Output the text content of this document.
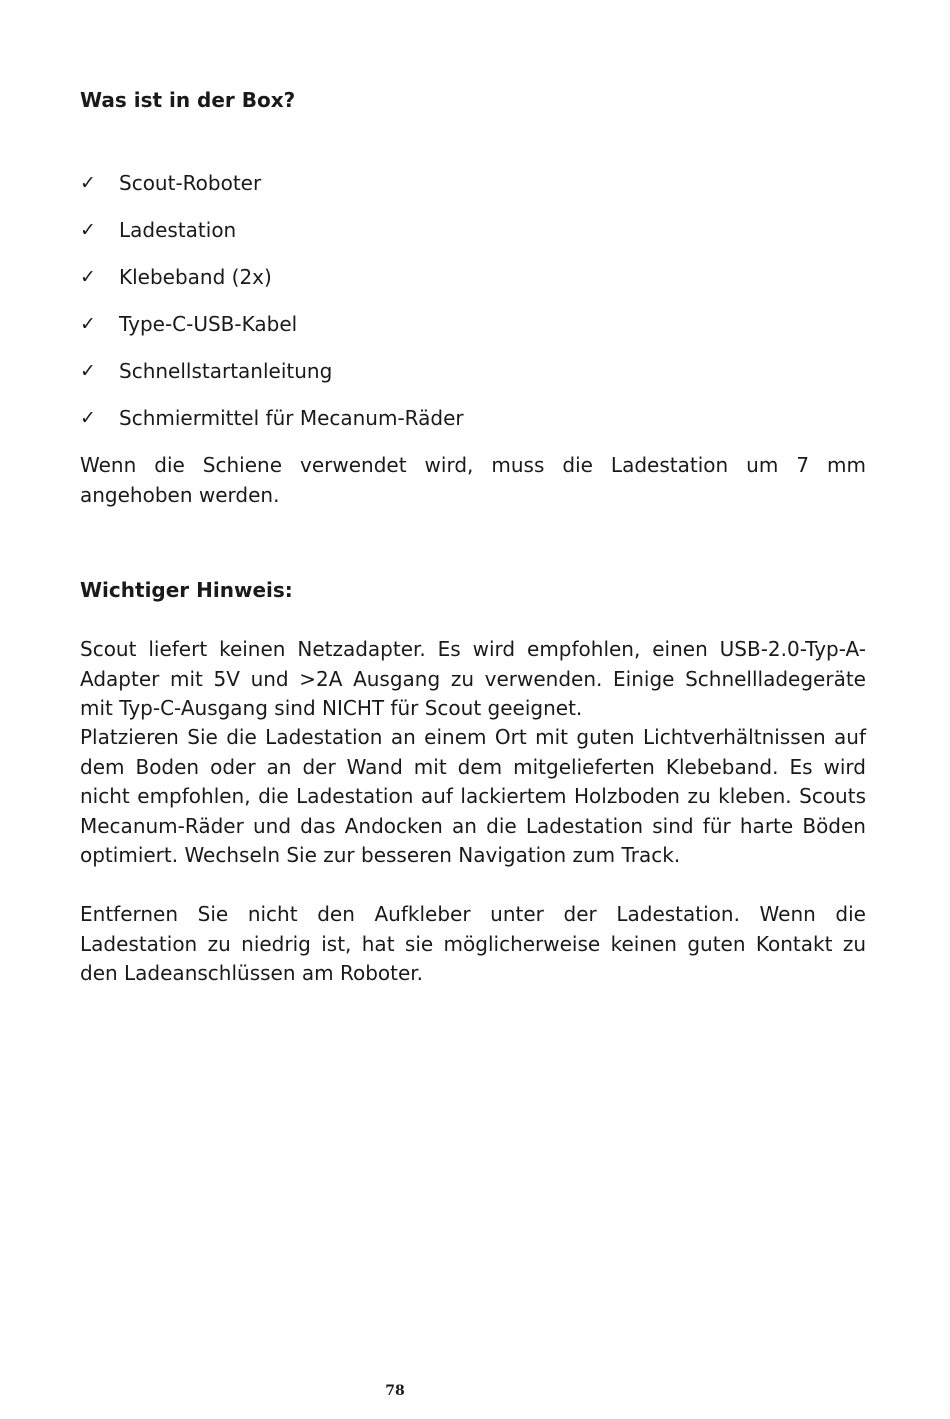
Was ist in der Box?
✓	Scout-Roboter
✓	Ladestation
✓	Klebeband (2x)
✓	Type-C-USB-Kabel
✓	Schnellstartanleitung
✓	Schmiermittel für Mecanum-Räder

Wenn die Schiene verwendet wird, muss die Ladestation um 7 mm angehoben werden.

Wichtiger Hinweis:

Scout liefert keinen Netzadapter. Es wird empfohlen, einen USB-2.0-Typ-A-Adapter mit 5V und >2A Ausgang zu verwenden. Einige Schnellladegeräte mit Typ-C-Ausgang sind NICHT für Scout geeignet.

Platzieren Sie die Ladestation an einem Ort mit guten Lichtverhältnissen auf dem Boden oder an der Wand mit dem mitgelieferten Klebeband. Es wird nicht empfohlen, die Ladestation auf lackiertem Holzboden zu kleben. Scouts Mecanum-Räder und das Andocken an die Ladestation sind für harte Böden optimiert. Wechseln Sie zur besseren Navigation zum Track.

Entfernen Sie nicht den Aufkleber unter der Ladestation. Wenn die Ladestation zu niedrig ist, hat sie möglicherweise keinen guten Kontakt zu den Ladeanschlüssen am Roboter.

78
